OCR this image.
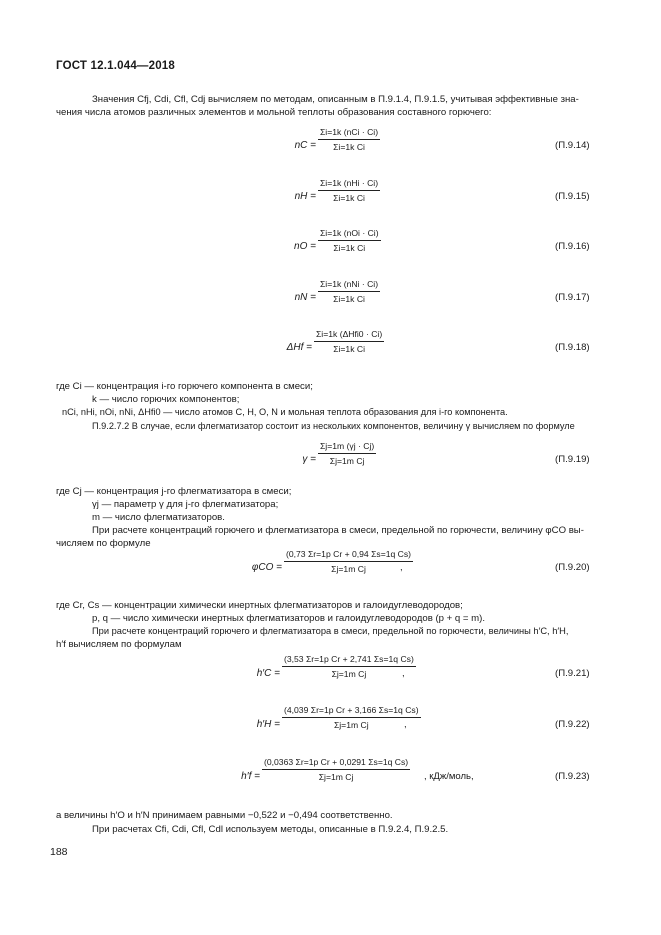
ГОСТ 12.1.044—2018
Значения Cfj, Cdi, Cfl, Cdj вычисляем по методам, описанным в П.9.1.4, П.9.1.5, учитывая эффективные зна-
чения числа атомов различных элементов и мольной теплоты образования составного горючего:
nC =
Σi=1k (nCi · Ci)
Σi=1k Ci	(П.9.14)
nH =
Σi=1k (nHi · Ci)
Σi=1k Ci	(П.9.15)
nO =
Σi=1k (nOi · Ci)
Σi=1k Ci	(П.9.16)
nN =
Σi=1k (nNi · Ci)
Σi=1k Ci	(П.9.17)
ΔHf =
Σi=1k (ΔHfi0 · Ci)
Σi=1k Ci	(П.9.18)
где Ci — концентрация i-го горючего компонента в смеси;
k — число горючих компонентов;
nCi, nHi, nOi, nNi, ΔHfi0 — число атомов С, Н, О, N и мольная теплота образования для i-го компонента.
П.9.2.7.2 В случае, если флегматизатор состоит из нескольких компонентов, величину γ вычисляем по формуле
$\gamma = \frac{\Sigma j=1m (\gamma j \cdot Cj)}{\text{Σj=1m Cj}}$	(П.9.19)
где Cj — концентрация j-го флегматизатора в смеси;
γj — параметр γ для j-го флегматизатора;
m — число флегматизаторов.
При расчете концентраций горючего и флегматизатора в смеси, предельной по горючести, величину φCO вы-
числяем по формуле
$\varphi CO = \frac{\text{(0,73 Σr=1p Cr + 0,94 Σs=1q Cs)}}{\text{Σj=1m Cj}}$
,	(П.9.20)
где Cr, Cs — концентрации химически инертных флегматизаторов и галоидуглеводородов;
p, q — число химически инертных флегматизаторов и галоидуглеводородов (p + q = m).
При расчете концентраций горючего и флегматизатора в смеси, предельной по горючести, величины h′C, h′H,
h′f вычисляем по формулам
$h'C = \frac{\text{(3,53 Σr=1p Cr + 2,741 Σs=1q Cs)}}{\text{Σj=1m Cj}}$
,	(П.9.21)
$h'H = \frac{\text{(4,039 Σr=1p Cr + 3,166 Σs=1q Cs)}}{\text{Σj=1m Cj}}$
,	(П.9.22)
$h'f = \frac{\text{(0,0363 Σr=1p Cr + 0,0291 Σs=1q Cs)}}{\text{Σj=1m Cj}}$ , кДж/моль,	(П.9.23)
а величины h′O и h′N принимаем равными −0,522 и −0,494 соответственно.
При расчетах Cfi, Cdi, Cfl, Cdl используем методы, описанные в П.9.2.4, П.9.2.5.
188
